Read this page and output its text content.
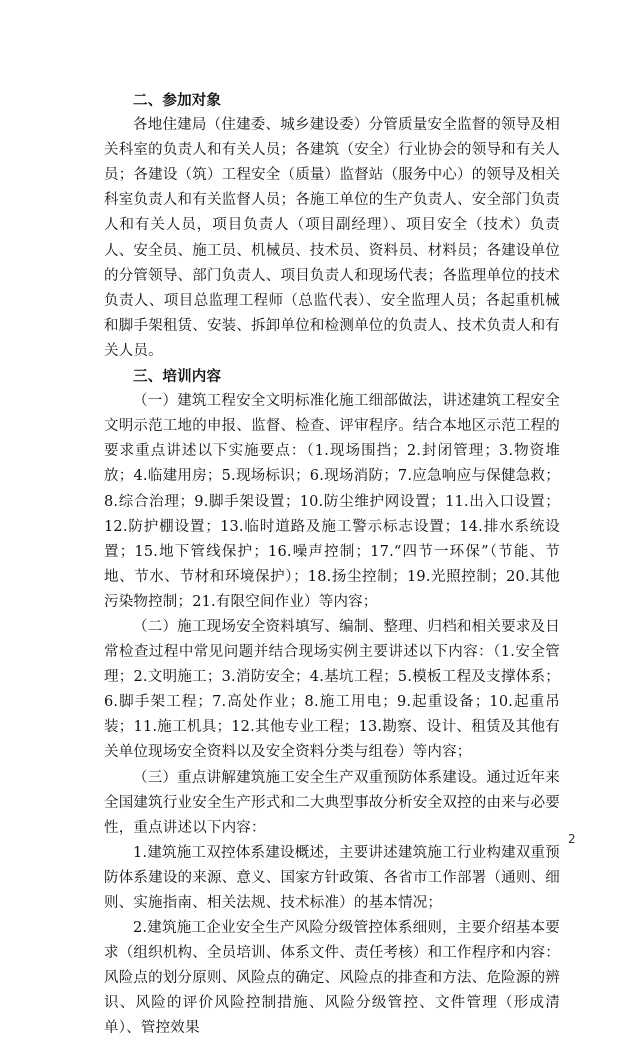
二、参加对象

各地住建局（住建委、城乡建设委）分管质量安全监督的领导及相关科室的负责人和有关人员；各建筑（安全）行业协会的领导和有关人员；各建设（筑）工程安全（质量）监督站（服务中心）的领导及相关科室负责人和有关监督人员；各施工单位的生产负责人、安全部门负责人和有关人员，项目负责人（项目副经理）、项目安全（技术）负责人、安全员、施工员、机械员、技术员、资料员、材料员；各建设单位的分管领导、部门负责人、项目负责人和现场代表；各监理单位的技术负责人、项目总监理工程师（总监代表）、安全监理人员；各起重机械和脚手架租赁、安装、拆卸单位和检测单位的负责人、技术负责人和有关人员。

三、培训内容

（一）建筑工程安全文明标准化施工细部做法，讲述建筑工程安全文明示范工地的申报、监督、检查、评审程序。结合本地区示范工程的要求重点讲述以下实施要点：（1.现场围挡；2.封闭管理；3.物资堆放；4.临建用房；5.现场标识；6.现场消防；7.应急响应与保健急救；8.综合治理；9.脚手架设置；10.防尘维护网设置；11.出入口设置；12.防护棚设置；13.临时道路及施工警示标志设置；14.排水系统设置；15.地下管线保护；16.噪声控制；17.“四节一环保”（节能、节地、节水、节材和环境保护）；18.扬尘控制；19.光照控制；20.其他污染物控制；21.有限空间作业）等内容；

（二）施工现场安全资料填写、编制、整理、归档和相关要求及日常检查过程中常见问题并结合现场实例主要讲述以下内容：（1.安全管理；2.文明施工；3.消防安全；4.基坑工程；5.模板工程及支撑体系；6.脚手架工程；7.高处作业；8.施工用电；9.起重设备；10.起重吊装；11.施工机具；12.其他专业工程；13.勘察、设计、租赁及其他有关单位现场安全资料以及安全资料分类与组卷）等内容；

（三）重点讲解建筑施工安全生产双重预防体系建设。通过近年来全国建筑行业安全生产形式和二大典型事故分析安全双控的由来与必要性，重点讲述以下内容：

1.建筑施工双控体系建设概述，主要讲述建筑施工行业构建双重预防体系建设的来源、意义、国家方针政策、各省市工作部署（通则、细则、实施指南、相关法规、技术标准）的基本情况；

2.建筑施工企业安全生产风险分级管控体系细则，主要介绍基本要求（组织机构、全员培训、体系文件、责任考核）和工作程序和内容：风险点的划分原则、风险点的确定、风险点的排查和方法、危险源的辨识、风险的评价风险控制措施、风险分级管控、文件管理（形成清单）、管控效果

2
